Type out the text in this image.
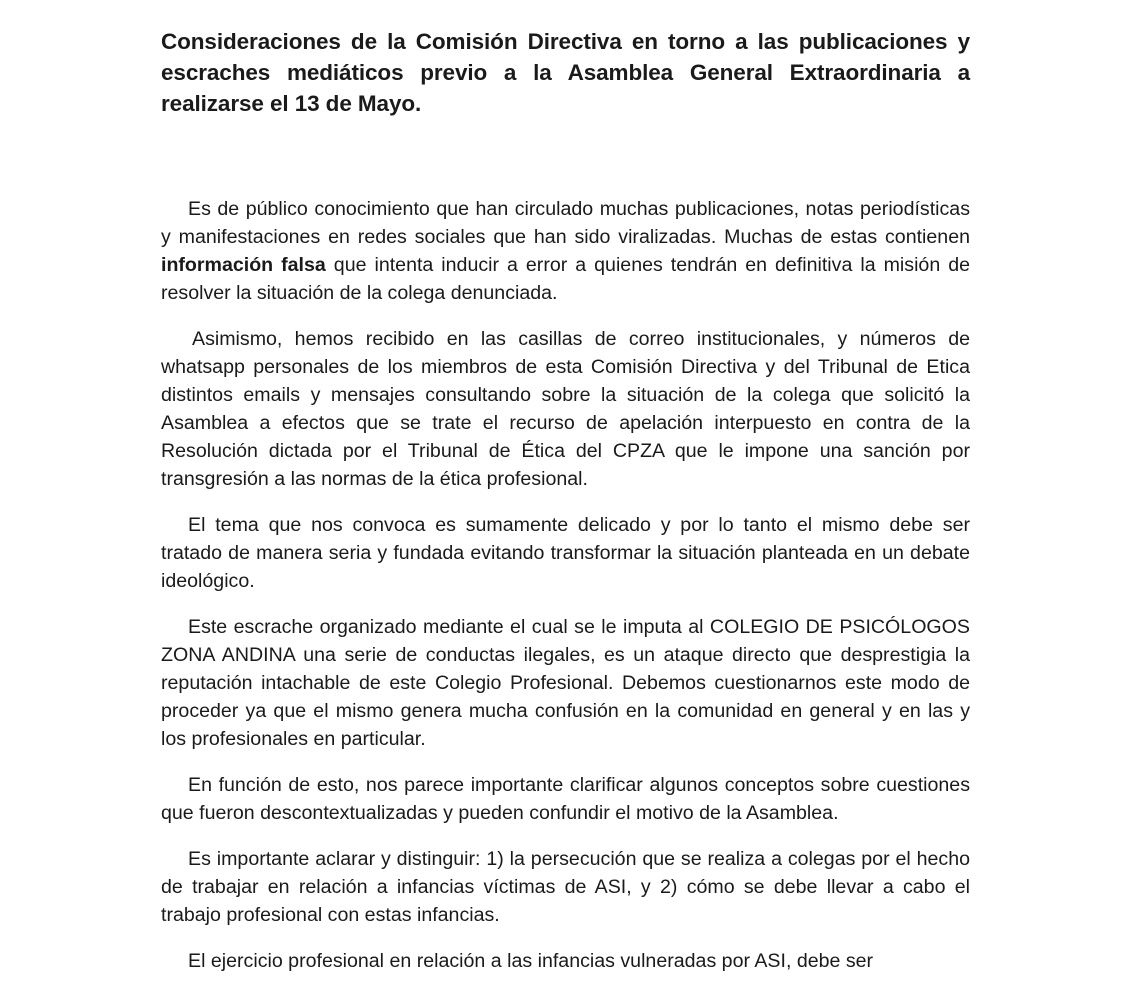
Consideraciones de la Comisión Directiva en torno a las publicaciones y escraches mediáticos previo a la Asamblea General Extraordinaria a realizarse el 13 de Mayo.

Es de público conocimiento que han circulado muchas publicaciones, notas periodísticas y manifestaciones en redes sociales que han sido viralizadas. Muchas de estas contienen información falsa que intenta inducir a error a quienes tendrán en definitiva la misión de resolver la situación de la colega denunciada.

Asimismo, hemos recibido en las casillas de correo institucionales, y números de whatsapp personales de los miembros de esta Comisión Directiva y del Tribunal de Etica distintos emails y mensajes consultando sobre la situación de la colega que solicitó la Asamblea a efectos que se trate el recurso de apelación interpuesto en contra de la Resolución dictada por el Tribunal de Ética del CPZA que le impone una sanción por transgresión a las normas de la ética profesional.

El tema que nos convoca es sumamente delicado y por lo tanto el mismo debe ser tratado de manera seria y fundada evitando transformar la situación planteada en un debate ideológico.

Este escrache organizado mediante el cual se le imputa al COLEGIO DE PSICÓLOGOS ZONA ANDINA una serie de conductas ilegales, es un ataque directo que desprestigia la reputación intachable de este Colegio Profesional. Debemos cuestionarnos este modo de proceder ya que el mismo genera mucha confusión en la comunidad en general y en las y los profesionales en particular.

En función de esto, nos parece importante clarificar algunos conceptos sobre cuestiones que fueron descontextualizadas y pueden confundir el motivo de la Asamblea.

Es importante aclarar y distinguir: 1) la persecución que se realiza a colegas por el hecho de trabajar en relación a infancias víctimas de ASI, y 2) cómo se debe llevar a cabo el trabajo profesional con estas infancias.

El ejercicio profesional en relación a las infancias vulneradas por ASI, debe ser
